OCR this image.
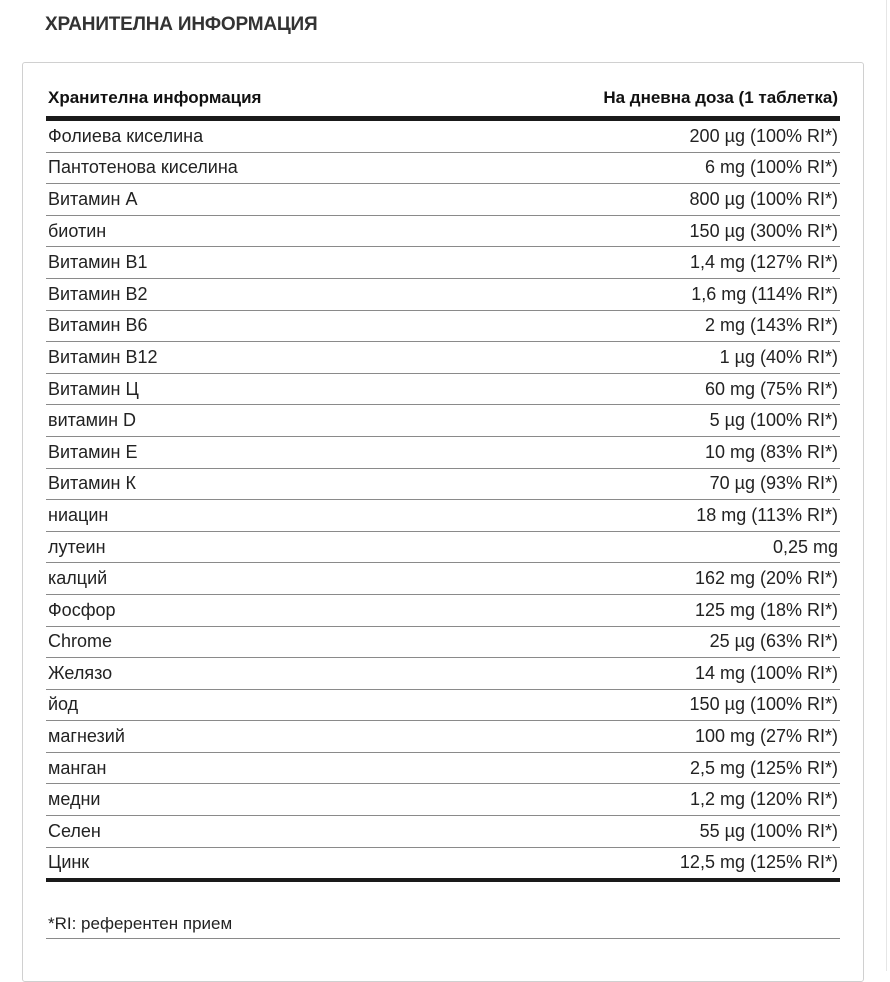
ХРАНИТЕЛНА ИНФОРМАЦИЯ
Хранителна информация	На дневна доза (1 таблетка)
Фолиева киселина	200 µg (100% RI*)
Пантотенова киселина	6 mg (100% RI*)
Витамин А	800 µg (100% RI*)
биотин	150 µg (300% RI*)
Витамин В1	1,4 mg (127% RI*)
Витамин В2	1,6 mg (114% RI*)
Витамин В6	2 mg (143% RI*)
Витамин В12	1 µg (40% RI*)
Витамин Ц	60 mg (75% RI*)
витамин D	5 µg (100% RI*)
Витамин Е	10 mg (83% RI*)
Витамин К	70 µg (93% RI*)
ниацин	18 mg (113% RI*)
лутеин	0,25 mg
калций	162 mg (20% RI*)
Фосфор	125 mg (18% RI*)
Chrome	25 µg (63% RI*)
Желязо	14 mg (100% RI*)
йод	150 µg (100% RI*)
магнезий	100 mg (27% RI*)
манган	2,5 mg (125% RI*)
медни	1,2 mg (120% RI*)
Селен	55 µg (100% RI*)
Цинк	12,5 mg (125% RI*)
*RI: референтен прием
